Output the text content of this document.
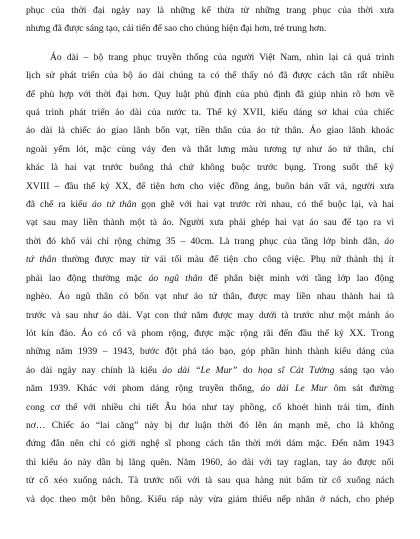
phục của thời đại ngày nay là những kế thừa từ những trang phục của thời xưa
nhưng đã được sáng tạo, cải tiến để sao cho chúng hiện đại hơn, trẻ trung hơn.

Áo dài – bộ trang phục truyền thống của người Việt Nam, nhìn lại cả quá trình
lịch sử phát triển của bộ áo dài chúng ta có thể thấy nó đã được cách tân rất nhiều
để phù hợp với thời đại hơn. Quy luật phủ định của phủ định đã giúp nhìn rõ hơn về
quá trình phát triển áo dài của nước ta. Thế kỷ XVII, kiểu dáng sơ khai của chiếc
áo dài là chiếc áo giao lãnh bốn vạt, tiền thân của áo tứ thân. Áo giao lãnh khoác
ngoài yếm lót, mặc cùng váy đen và thắt lưng màu tương tự như áo tứ thân, chỉ
khác là hai vạt trước buông thả chứ không buộc trước bụng. Trong suốt thế kỷ
XVIII – đầu thế kỷ XX, để tiện hơn cho việc đồng áng, buôn bán vất vả, người xưa
đã chế ra kiểu áo tứ thân gọn ghẽ với hai vạt trước rời nhau, có thể buộc lại, và hai
vạt sau may liền thành một tà áo. Người xưa phải ghép hai vạt áo sau để tạo ra vì
thời đó khổ vải chỉ rộng chừng 35 – 40cm. Là trang phục của tầng lớp bình dân, áo
tứ thân thường được may từ vải tối màu để tiện cho công việc. Phụ nữ thành thị ít
phải lao động thường mặc áo ngũ thân để phân biệt mình với tầng lớp lao động
nghèo. Áo ngũ thân có bốn vạt như áo tứ thân, được may liền nhau thành hai tà
trước và sau như áo dài. Vạt con thứ năm được may dưới tà trước như một mảnh áo
lót kín đáo. Áo có cổ và phom rộng, được mặc rộng rãi đến đầu thế kỷ XX. Trong
những năm 1939 – 1943, bước đột phá táo bạo, góp phần hình thành kiểu dáng của
áo dài ngày nay chính là kiểu áo dài “Le Mur” do họa sĩ Cát Tường sáng tạo vào
năm 1939. Khác với phom dáng rộng truyền thống, áo dài Le Mur ôm sát đường
cong cơ thể với nhiều chi tiết Âu hóa như tay phồng, cổ khoét hình trái tim, đính
nơ… Chiếc áo “lai căng” này bị dư luận thời đó lên án mạnh mẽ, cho là không
đứng đắn nên chỉ có giới nghệ sĩ phong cách tân thời mới dám mặc. Đến năm 1943
thì kiểu áo này dần bị lãng quên. Năm 1960, áo dài với tay raglan, tay áo được nối
từ cổ xéo xuống nách. Tà trước nối với tà sau qua hàng nút bấm từ cổ xuống nách
và dọc theo một bên hông. Kiểu ráp này vừa giảm thiểu nếp nhăn ở nách, cho phép
